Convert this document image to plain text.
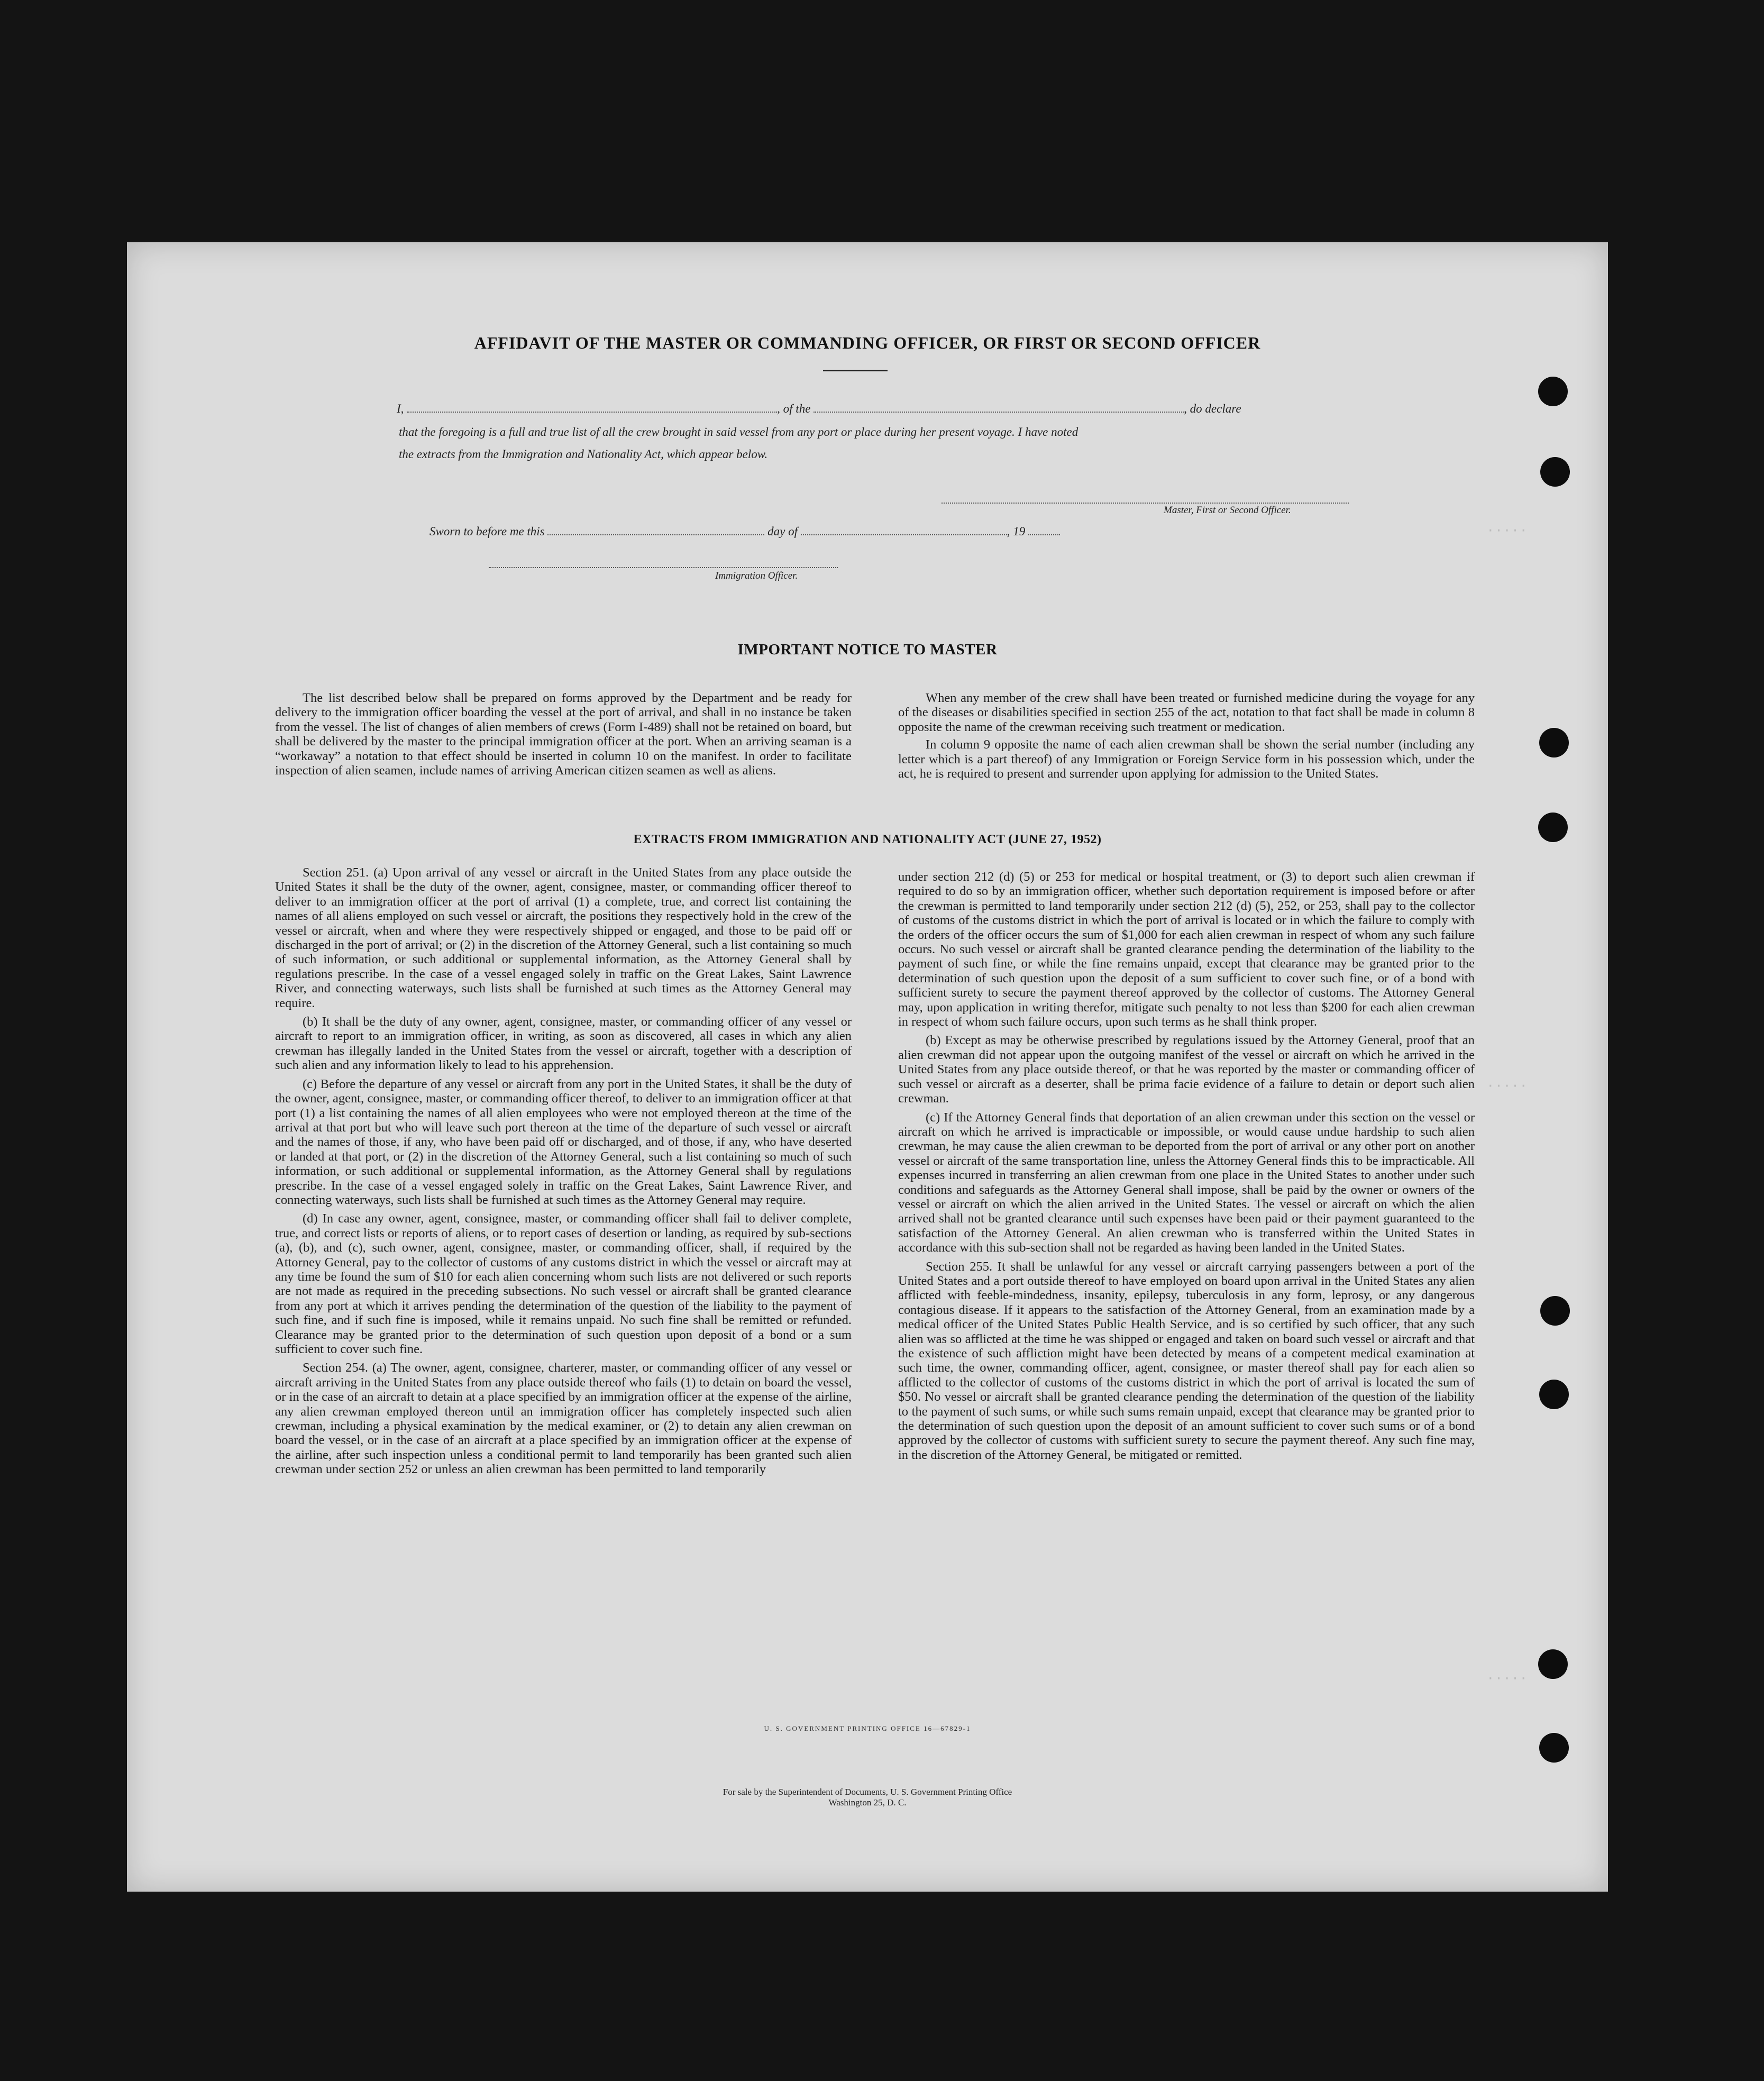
·····
·····
·····
AFFIDAVIT OF THE MASTER OR COMMANDING OFFICER, OR FIRST OR SECOND OFFICER
I,	, of the	, do declare
that the foregoing is a full and true list of all the crew brought in said vessel from any port or place during her present voyage. I have noted
the extracts from the Immigration and Nationality Act, which appear below.
Master, First or Second Officer.
Sworn to before me this	day of	, 19
Immigration Officer.
IMPORTANT NOTICE TO MASTER

The list described below shall be prepared on forms approved by the Department and be ready for delivery to the immigration officer boarding the vessel at the port of arrival, and shall in no instance be taken from the vessel. The list of changes of alien members of crews (Form I-489) shall not be retained on board, but shall be delivered by the master to the principal immigration officer at the port. When an arriving seaman is a “workaway” a notation to that effect should be inserted in column 10 on the manifest. In order to facilitate inspection of alien seamen, include names of arriving American citizen seamen as well as aliens.

When any member of the crew shall have been treated or furnished medicine during the voyage for any of the diseases or disabilities specified in section 255 of the act, notation to that fact shall be made in column 8 opposite the name of the crewman receiving such treatment or medication.

In column 9 opposite the name of each alien crewman shall be shown the serial number (including any letter which is a part thereof) of any Immigration or Foreign Service form in his possession which, under the act, he is required to present and surrender upon applying for admission to the United States.

EXTRACTS FROM IMMIGRATION AND NATIONALITY ACT (JUNE 27, 1952)

Section 251. (a) Upon arrival of any vessel or aircraft in the United States from any place outside the United States it shall be the duty of the owner, agent, consignee, master, or commanding officer thereof to deliver to an immigration officer at the port of arrival (1) a complete, true, and correct list containing the names of all aliens employed on such vessel or aircraft, the positions they respectively hold in the crew of the vessel or aircraft, when and where they were respectively shipped or engaged, and those to be paid off or discharged in the port of arrival; or (2) in the discretion of the Attorney General, such a list containing so much of such information, or such additional or supplemental information, as the Attorney General shall by regulations prescribe. In the case of a vessel engaged solely in traffic on the Great Lakes, Saint Lawrence River, and connecting waterways, such lists shall be furnished at such times as the Attorney General may require.

(b) It shall be the duty of any owner, agent, consignee, master, or commanding officer of any vessel or aircraft to report to an immigration officer, in writing, as soon as discovered, all cases in which any alien crewman has illegally landed in the United States from the vessel or aircraft, together with a description of such alien and any information likely to lead to his apprehension.

(c) Before the departure of any vessel or aircraft from any port in the United States, it shall be the duty of the owner, agent, consignee, master, or commanding officer thereof, to deliver to an immigration officer at that port (1) a list containing the names of all alien employees who were not employed thereon at the time of the arrival at that port but who will leave such port thereon at the time of the departure of such vessel or aircraft and the names of those, if any, who have been paid off or discharged, and of those, if any, who have deserted or landed at that port, or (2) in the discretion of the Attorney General, such a list containing so much of such information, or such additional or supplemental information, as the Attorney General shall by regulations prescribe. In the case of a vessel engaged solely in traffic on the Great Lakes, Saint Lawrence River, and connecting waterways, such lists shall be furnished at such times as the Attorney General may require.

(d) In case any owner, agent, consignee, master, or commanding officer shall fail to deliver complete, true, and correct lists or reports of aliens, or to report cases of desertion or landing, as required by sub-sections (a), (b), and (c), such owner, agent, consignee, master, or commanding officer, shall, if required by the Attorney General, pay to the collector of customs of any customs district in which the vessel or aircraft may at any time be found the sum of $10 for each alien concerning whom such lists are not delivered or such reports are not made as required in the preceding subsections. No such vessel or aircraft shall be granted clearance from any port at which it arrives pending the determination of the question of the liability to the payment of such fine, and if such fine is imposed, while it remains unpaid. No such fine shall be remitted or refunded. Clearance may be granted prior to the determination of such question upon deposit of a bond or a sum sufficient to cover such fine.

Section 254. (a) The owner, agent, consignee, charterer, master, or commanding officer of any vessel or aircraft arriving in the United States from any place outside thereof who fails (1) to detain on board the vessel, or in the case of an aircraft to detain at a place specified by an immigration officer at the expense of the airline, any alien crewman employed thereon until an immigration officer has completely inspected such alien crewman, including a physical examination by the medical examiner, or (2) to detain any alien crewman on board the vessel, or in the case of an aircraft at a place specified by an immigration officer at the expense of the airline, after such inspection unless a conditional permit to land temporarily has been granted such alien crewman under section 252 or unless an alien crewman has been permitted to land temporarily

under section 212 (d) (5) or 253 for medical or hospital treatment, or (3) to deport such alien crewman if required to do so by an immigration officer, whether such deportation requirement is imposed before or after the crewman is permitted to land temporarily under section 212 (d) (5), 252, or 253, shall pay to the collector of customs of the customs district in which the port of arrival is located or in which the failure to comply with the orders of the officer occurs the sum of $1,000 for each alien crewman in respect of whom any such failure occurs. No such vessel or aircraft shall be granted clearance pending the determination of the liability to the payment of such fine, or while the fine remains unpaid, except that clearance may be granted prior to the determination of such question upon the deposit of a sum sufficient to cover such fine, or of a bond with sufficient surety to secure the payment thereof approved by the collector of customs. The Attorney General may, upon application in writing therefor, mitigate such penalty to not less than $200 for each alien crewman in respect of whom such failure occurs, upon such terms as he shall think proper.

(b) Except as may be otherwise prescribed by regulations issued by the Attorney General, proof that an alien crewman did not appear upon the outgoing manifest of the vessel or aircraft on which he arrived in the United States from any place outside thereof, or that he was reported by the master or commanding officer of such vessel or aircraft as a deserter, shall be prima facie evidence of a failure to detain or deport such alien crewman.

(c) If the Attorney General finds that deportation of an alien crewman under this section on the vessel or aircraft on which he arrived is impracticable or impossible, or would cause undue hardship to such alien crewman, he may cause the alien crewman to be deported from the port of arrival or any other port on another vessel or aircraft of the same transportation line, unless the Attorney General finds this to be impracticable. All expenses incurred in transferring an alien crewman from one place in the United States to another under such conditions and safeguards as the Attorney General shall impose, shall be paid by the owner or owners of the vessel or aircraft on which the alien arrived in the United States. The vessel or aircraft on which the alien arrived shall not be granted clearance until such expenses have been paid or their payment guaranteed to the satisfaction of the Attorney General. An alien crewman who is transferred within the United States in accordance with this sub-section shall not be regarded as having been landed in the United States.

Section 255. It shall be unlawful for any vessel or aircraft carrying passengers between a port of the United States and a port outside thereof to have employed on board upon arrival in the United States any alien afflicted with feeble-mindedness, insanity, epilepsy, tuberculosis in any form, leprosy, or any dangerous contagious disease. If it appears to the satisfaction of the Attorney General, from an examination made by a medical officer of the United States Public Health Service, and is so certified by such officer, that any such alien was so afflicted at the time he was shipped or engaged and taken on board such vessel or aircraft and that the existence of such affliction might have been detected by means of a competent medical examination at such time, the owner, commanding officer, agent, consignee, or master thereof shall pay for each alien so afflicted to the collector of customs of the customs district in which the port of arrival is located the sum of $50. No vessel or aircraft shall be granted clearance pending the determination of the question of the liability to the payment of such sums, or while such sums remain unpaid, except that clearance may be granted prior to the determination of such question upon the deposit of an amount sufficient to cover such sums or of a bond approved by the collector of customs with sufficient surety to secure the payment thereof. Any such fine may, in the discretion of the Attorney General, be mitigated or remitted.

U. S. GOVERNMENT PRINTING OFFICE 16—67829-1
For sale by the Superintendent of Documents, U. S. Government Printing Office
Washington 25, D. C.
